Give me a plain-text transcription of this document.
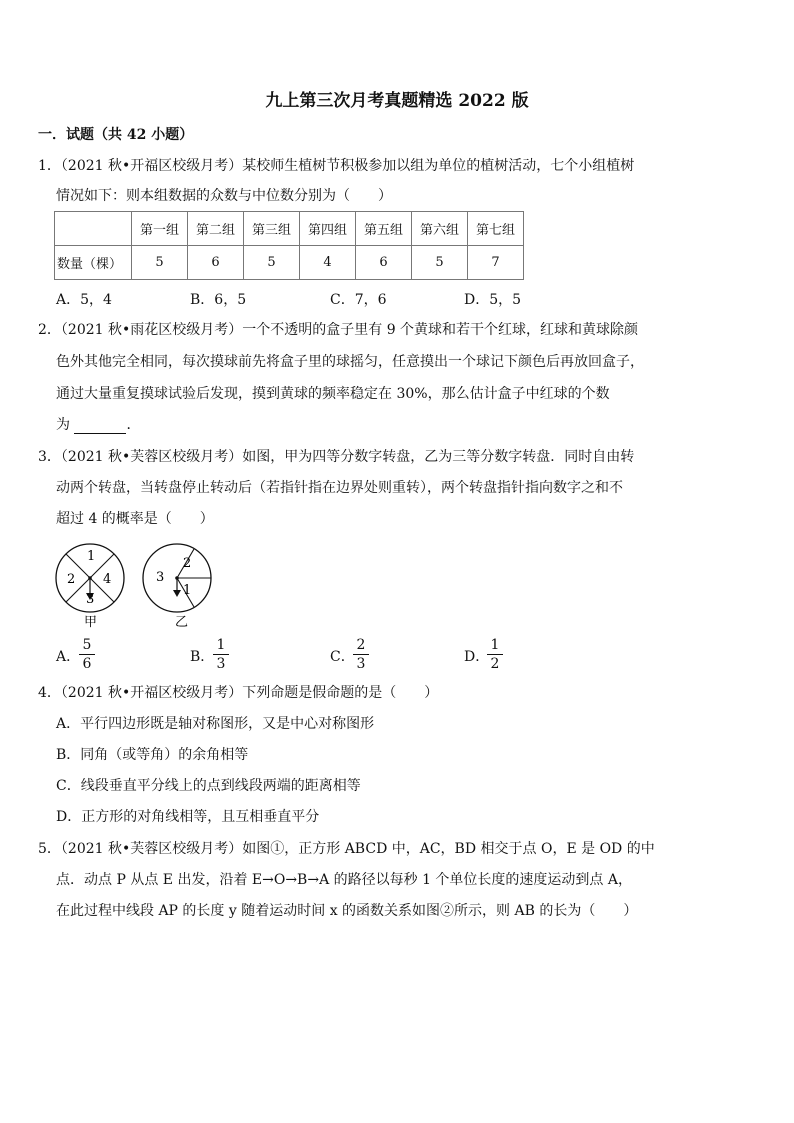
九上第三次月考真题精选 2022 版
一．试题（共 42 小题）
1．（2021 秋•开福区校级月考）某校师生植树节积极参加以组为单位的植树活动，七个小组植树
情况如下：则本组数据的众数与中位数分别为（　　）
	第一组	第二组	第三组	第四组	第五组	第六组	第七组
数量（棵）	5	6	5	4	6	5	7
A．5，4	B．6，5	C．7，6	D．5，5
2．（2021 秋•雨花区校级月考）一个不透明的盒子里有 9 个黄球和若干个红球，红球和黄球除颜
色外其他完全相同，每次摸球前先将盒子里的球摇匀，任意摸出一个球记下颜色后再放回盒子，
通过大量重复摸球试验后发现，摸到黄球的频率稳定在 30%，那么估计盒子中红球的个数
为	．
3．（2021 秋•芙蓉区校级月考）如图，甲为四等分数字转盘，乙为三等分数字转盘．同时自由转
动两个转盘，当转盘停止转动后（若指针指在边界处则重转），两个转盘指针指向数字之和不
超过 4 的概率是（　　）
1
2
3
4
甲
2
3
1
乙
A．
5
6	B．
1
3	C．
2
3	D．
1
2
4．（2021 秋•开福区校级月考）下列命题是假命题的是（　　）
A．平行四边形既是轴对称图形，又是中心对称图形
B．同角（或等角）的余角相等
C．线段垂直平分线上的点到线段两端的距离相等
D．正方形的对角线相等，且互相垂直平分
5．（2021 秋•芙蓉区校级月考）如图①，正方形 ABCD 中，AC，BD 相交于点 O，E 是 OD 的中
点．动点 P 从点 E 出发，沿着 E→O→B→A 的路径以每秒 1 个单位长度的速度运动到点 A，
在此过程中线段 AP 的长度 y 随着运动时间 x 的函数关系如图②所示，则 AB 的长为（　　）
